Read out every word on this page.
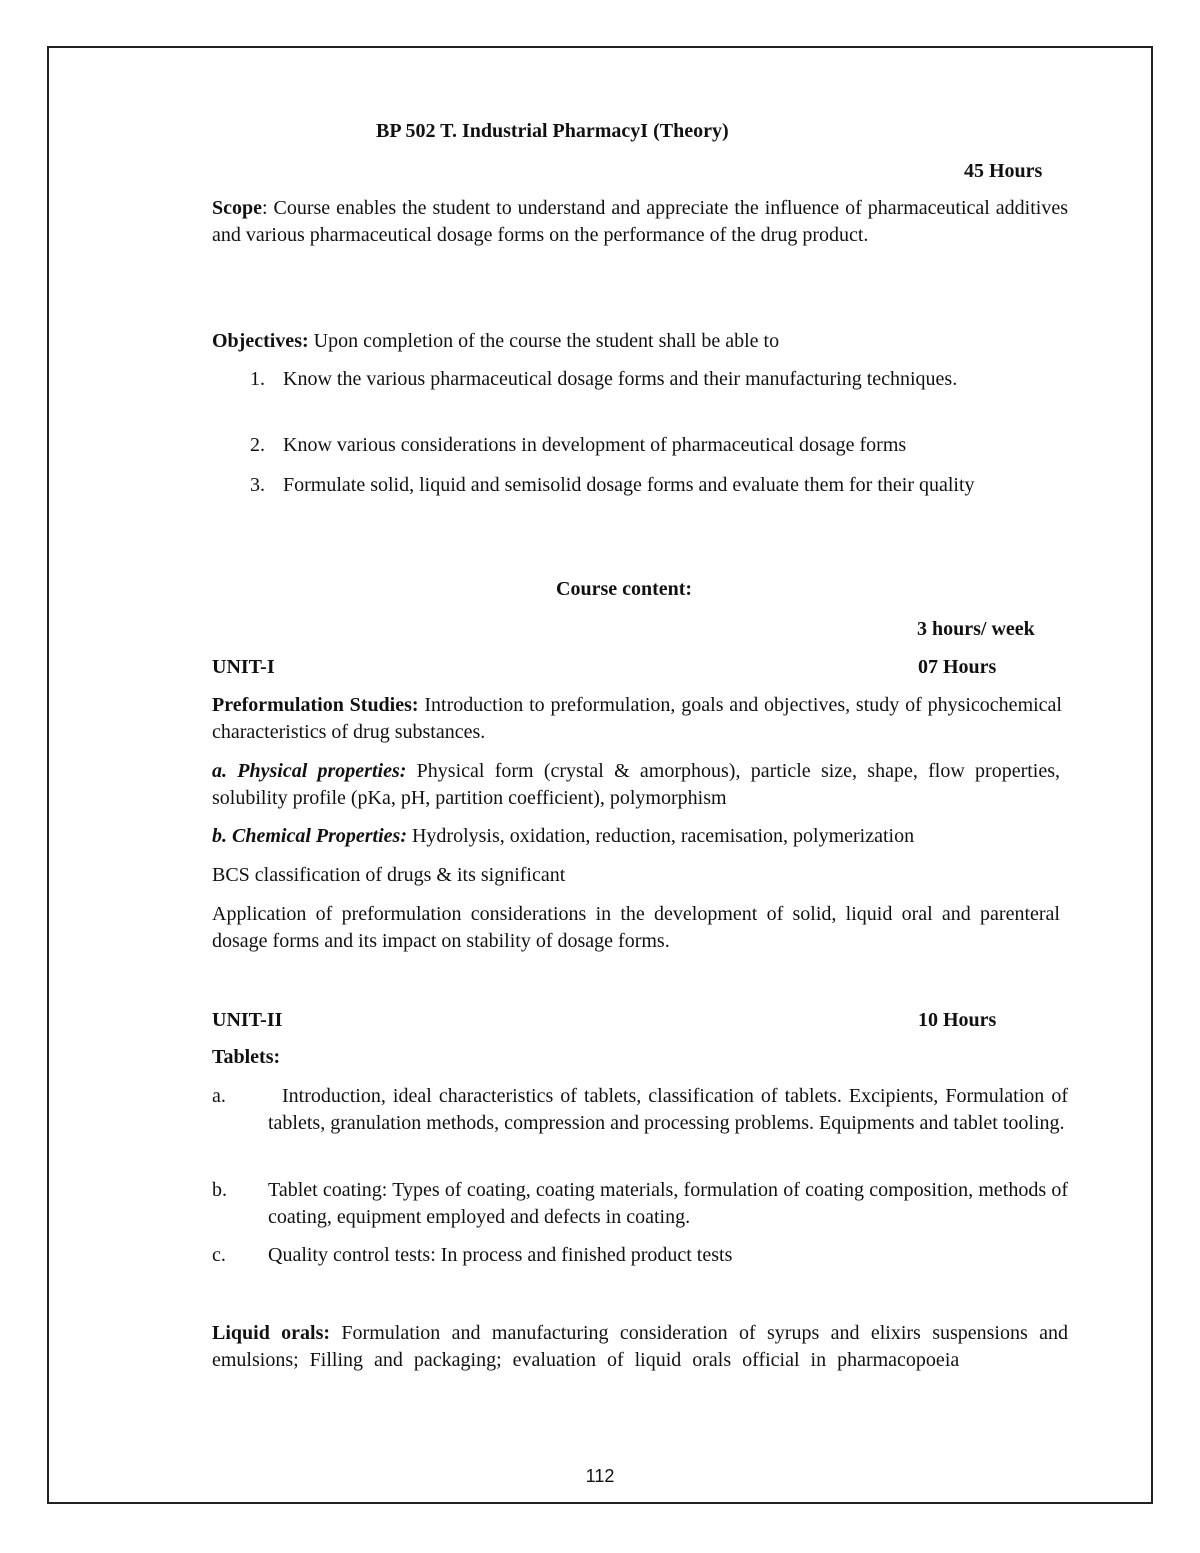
BP 502 T. Industrial PharmacyI (Theory)
45 Hours

Scope: Course enables the student to understand and appreciate the influence of pharmaceutical additives and various pharmaceutical dosage forms on the performance of the drug product.

Objectives: Upon completion of the course the student shall be able to

1. Know the various pharmaceutical dosage forms and their manufacturing techniques.
2. Know various considerations in development of pharmaceutical dosage forms
3. Formulate solid, liquid and semisolid dosage forms and evaluate them for their quality
Course content:
3 hours/ week
UNIT-I	07 Hours

Preformulation Studies: Introduction to preformulation, goals and objectives, study of physicochemical characteristics of drug substances.

a. Physical properties: Physical form (crystal & amorphous), particle size, shape, flow properties, solubility profile (pKa, pH, partition coefficient), polymorphism

b. Chemical Properties: Hydrolysis, oxidation, reduction, racemisation, polymerization

BCS classification of drugs & its significant

Application of preformulation considerations in the development of solid, liquid oral and parenteral dosage forms and its impact on stability of dosage forms.

UNIT-II	10 Hours
Tablets:
a.	Introduction, ideal characteristics of tablets, classification of tablets. Excipients, Formulation of tablets, granulation methods, compression and processing problems. Equipments and tablet tooling.
b. Tablet coating: Types of coating, coating materials, formulation of coating composition, methods of coating, equipment employed and defects in coating.
c. Quality control tests: In process and finished product tests

Liquid orals: Formulation and manufacturing consideration of syrups and elixirs suspensions and emulsions; Filling and packaging; evaluation of liquid orals official in pharmacopoeia

112
